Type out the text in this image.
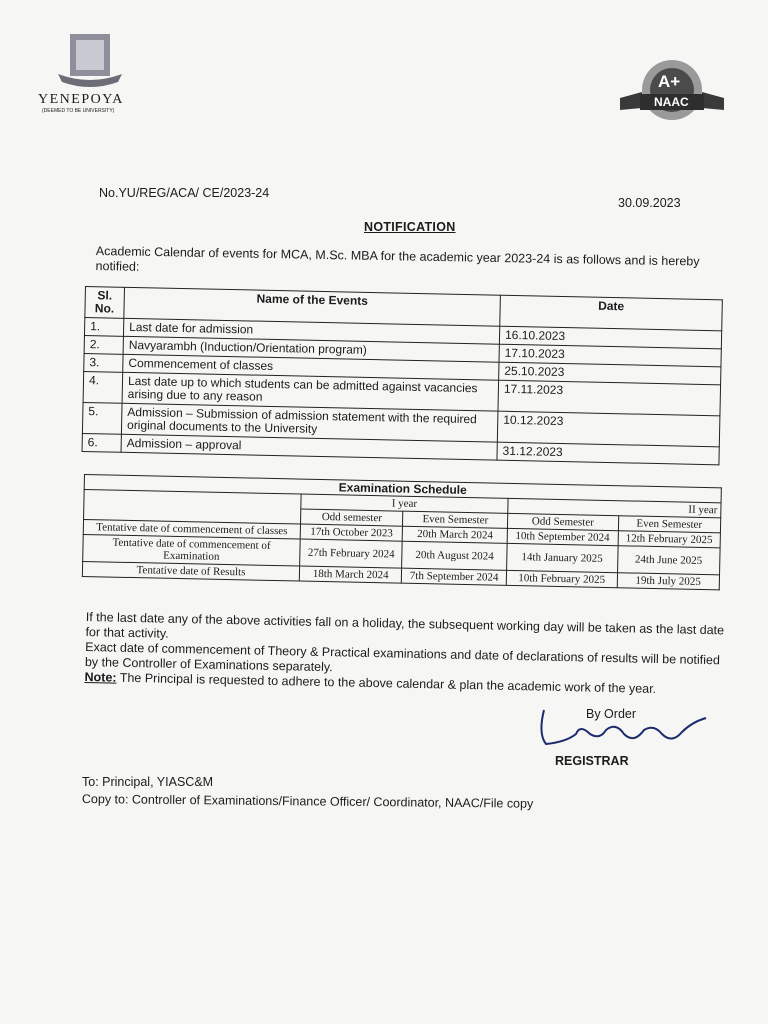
YENEPOYA
(DEEMED TO BE UNIVERSITY)
A+
NAAC
No.YU/REG/ACA/ CE/2023-24
30.09.2023
NOTIFICATION
Academic Calendar of events for MCA, M.Sc. MBA for the academic year 2023-24 is as follows and is hereby notified:
Sl. No.	Name of the Events	Date
1.	Last date for admission	16.10.2023
2.	Navyarambh (Induction/Orientation program)	17.10.2023
3.	Commencement of classes	25.10.2023
4.	Last date up to which students can be admitted against vacancies arising due to any reason	17.11.2023
5.	Admission – Submission of admission statement with the required original documents to the University	10.12.2023
6.	Admission – approval	31.12.2023
Examination Schedule				
	I year		II year	
	Odd semester	Even Semester	Odd Semester	Even Semester
Tentative date of commencement of classes	17th October 2023	20th March 2024	10th September 2024	12th February 2025
Tentative date of commencement of Examination	27th February 2024	20th August 2024	14th January 2025	24th June 2025
Tentative date of Results	18th March 2024	7th September 2024	10th February 2025	19th July 2025

If the last date any of the above activities fall on a holiday, the subsequent working day will be taken as the last date for that activity.

Exact date of commencement of Theory & Practical examinations and date of declarations of results will be notified by the Controller of Examinations separately.

Note: The Principal is requested to adhere to the above calendar & plan the academic work of the year.

By Order
REGISTRAR
To: Principal, YIASC&M
Copy to: Controller of Examinations/Finance Officer/ Coordinator, NAAC/File copy
